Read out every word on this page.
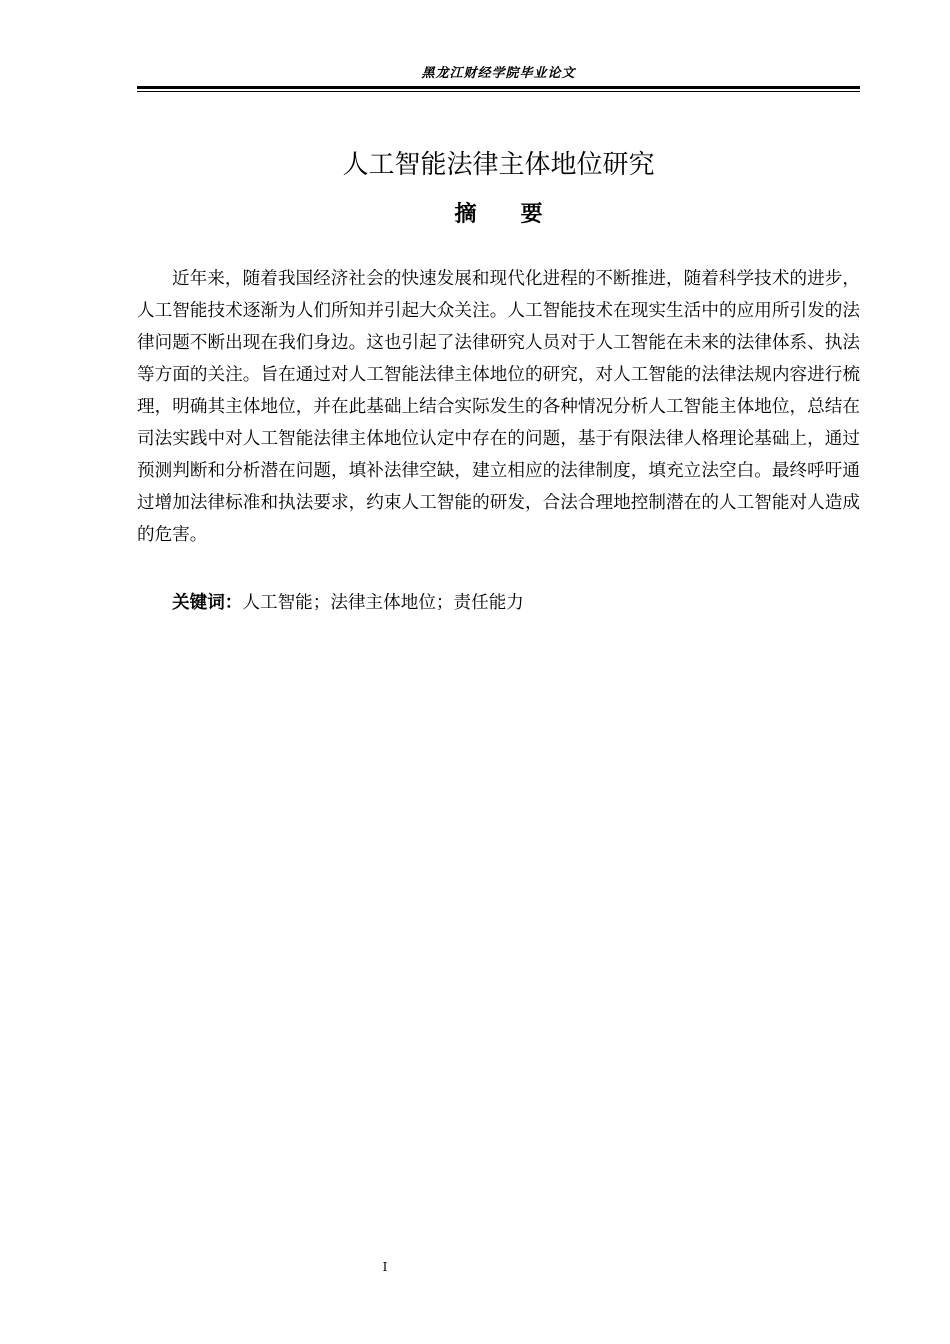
黑龙江财经学院毕业论文
人工智能法律主体地位研究
摘要

近年来，随着我国经济社会的快速发展和现代化进程的不断推进，随着科学技术的进步，人工智能技术逐渐为人们所知并引起大众关注。人工智能技术在现实生活中的应用所引发的法律问题不断出现在我们身边。这也引起了法律研究人员对于人工智能在未来的法律体系、执法等方面的关注。旨在通过对人工智能法律主体地位的研究，对人工智能的法律法规内容进行梳理，明确其主体地位，并在此基础上结合实际发生的各种情况分析人工智能主体地位，总结在司法实践中对人工智能法律主体地位认定中存在的问题，基于有限法律人格理论基础上，通过预测判断和分析潜在问题，填补法律空缺，建立相应的法律制度，填充立法空白。最终呼吁通过增加法律标准和执法要求，约束人工智能的研发，合法合理地控制潜在的人工智能对人造成的危害。

关键词：人工智能；法律主体地位；责任能力
I
